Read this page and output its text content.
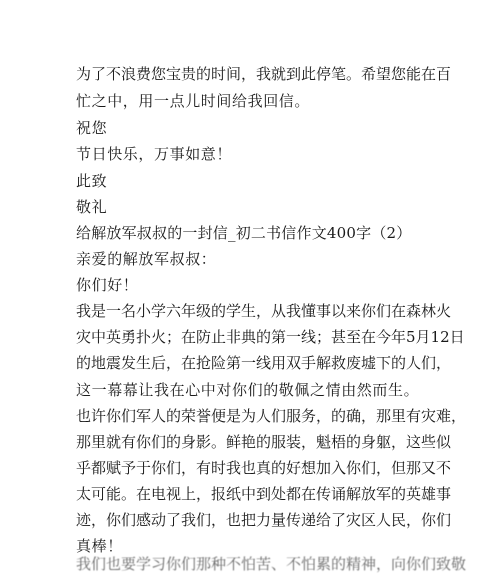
为了不浪费您宝贵的时间，我就到此停笔。希望您能在百
忙之中，用一点儿时间给我回信。
祝您
节日快乐，万事如意！
此致
敬礼
给解放军叔叔的一封信_初二书信作文400字（2）
亲爱的解放军叔叔：
你们好！
我是一名小学六年级的学生，从我懂事以来你们在森林火
灾中英勇扑火；在防止非典的第一线；甚至在今年5月12日
的地震发生后，在抢险第一线用双手解救废墟下的人们，
这一幕幕让我在心中对你们的敬佩之情由然而生。
也许你们军人的荣誉便是为人们服务，的确，那里有灾难，
那里就有你们的身影。鲜艳的服装，魁梧的身躯，这些似
乎都赋予于你们，有时我也真的好想加入你们，但那又不
太可能。在电视上，报纸中到处都在传诵解放军的英雄事
迹，你们感动了我们，也把力量传递给了灾区人民，你们
真棒！
我们也要学习你们那种不怕苦、不怕累的精神，向你们致敬
